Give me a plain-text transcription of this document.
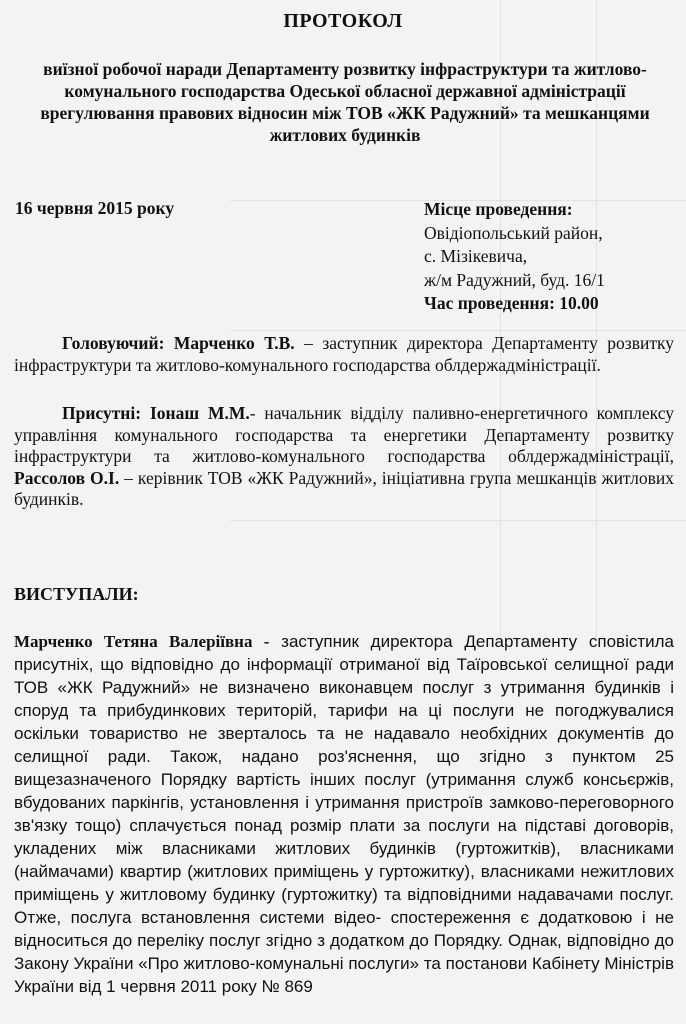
ПРОТОКОЛ
виїзної робочої наради Департаменту розвитку інфраструктури та житлово-комунального господарства Одеської обласної державної адміністрації врегулювання правових відносин між ТОВ «ЖК Радужний» та мешканцями житлових будинків
16 червня 2015 року	Місце проведення:
Овідіопольський район,
с. Мізікевича,
ж/м Радужний, буд. 16/1
Час проведення: 10.00
Головуючий: Марченко Т.В. – заступник директора Департаменту розвитку інфраструктури та житлово-комунального господарства облдержадміністрації.
Присутні: Іонаш М.М.- начальник відділу паливно-енергетичного комплексу управління комунального господарства та енергетики Департаменту розвитку інфраструктури та житлово-комунального господарства облдержадміністрації, Рассолов О.І. – керівник ТОВ «ЖК Радужний», ініціативна група мешканців житлових будинків.
ВИСТУПАЛИ:
Марченко Тетяна Валеріївна - заступник директора Департаменту сповістила присутніх, що відповідно до інформації отриманої від Таїровської селищної ради ТОВ «ЖК Радужний» не визначено виконавцем послуг з утримання будинків і споруд та прибудинкових територій, тарифи на ці послуги не погоджувалися оскільки товариство не зверталось та не надавало необхідних документів до селищної ради. Також, надано роз'яснення, що згідно з пунктом 25 вищезазначеного Порядку вартість інших послуг (утримання служб консьєржів, вбудованих паркінгів, установлення і утримання пристроїв замково-переговорного зв'язку тощо) сплачується понад розмір плати за послуги на підставі договорів, укладених між власниками житлових будинків (гуртожитків), власниками (наймачами) квартир (житлових приміщень у гуртожитку), власниками нежитлових приміщень у житловому будинку (гуртожитку) та відповідними надавачами послуг. Отже, послуга встановлення системи відео- спостереження є додатковою і не відноситься до переліку послуг згідно з додатком до Порядку. Однак, відповідно до Закону України «Про житлово-комунальні послуги» та постанови Кабінету Міністрів України від 1 червня 2011 року № 869
